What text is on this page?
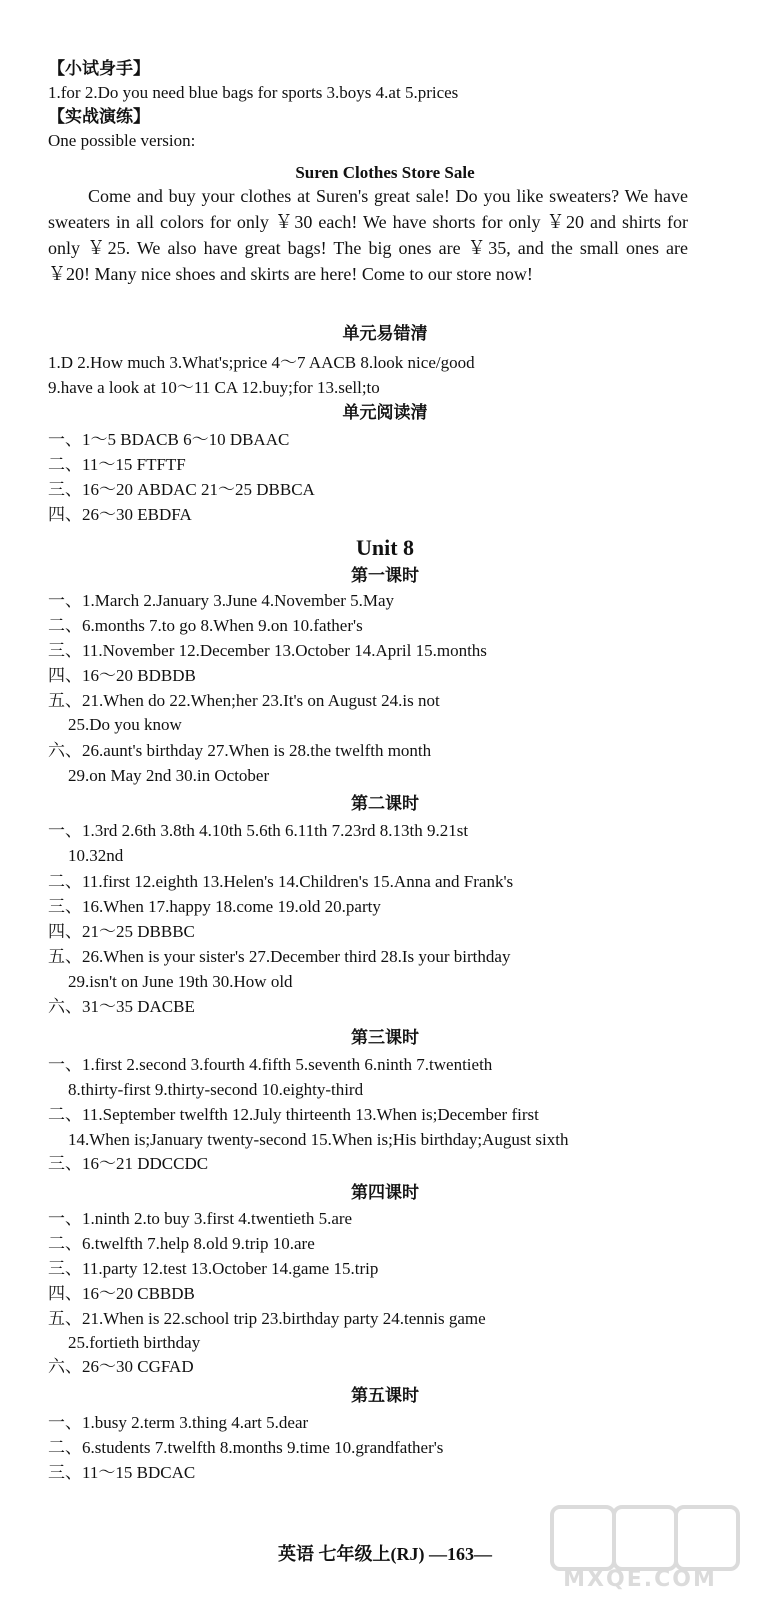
【小试身手】
1.for 2.Do you need blue bags for sports 3.boys 4.at 5.prices
【实战演练】
One possible version:
Suren Clothes Store Sale
Come and buy your clothes at Suren's great sale! Do you like sweaters? We have sweaters in all colors for only ￥30 each! We have shorts for only ￥20 and shirts for only ￥25. We also have great bags! The big ones are ￥35, and the small ones are ￥20! Many nice shoes and skirts are here! Come to our store now!
单元易错清
1.D 2.How much 3.What's;price 4～7 AACB 8.look nice/good
9.have a look at 10～11 CA 12.buy;for 13.sell;to
单元阅读清
一、1～5 BDACB 6～10 DBAAC
二、11～15 FTFTF
三、16～20 ABDAC 21～25 DBBCA
四、26～30 EBDFA
Unit 8
第一课时
一、1.March 2.January 3.June 4.November 5.May
二、6.months 7.to go 8.When 9.on 10.father's
三、11.November 12.December 13.October 14.April 15.months
四、16～20 BDBDB
五、21.When do 22.When;her 23.It's on August 24.is not
25.Do you know
六、26.aunt's birthday 27.When is 28.the twelfth month
29.on May 2nd 30.in October
第二课时
一、1.3rd 2.6th 3.8th 4.10th 5.6th 6.11th 7.23rd 8.13th 9.21st
10.32nd
二、11.first 12.eighth 13.Helen's 14.Children's 15.Anna and Frank's
三、16.When 17.happy 18.come 19.old 20.party
四、21～25 DBBBC
五、26.When is your sister's 27.December third 28.Is your birthday
29.isn't on June 19th 30.How old
六、31～35 DACBE
第三课时
一、1.first 2.second 3.fourth 4.fifth 5.seventh 6.ninth 7.twentieth
8.thirty-first 9.thirty-second 10.eighty-third
二、11.September twelfth 12.July thirteenth 13.When is;December first
14.When is;January twenty-second 15.When is;His birthday;August sixth
三、16～21 DDCCDC
第四课时
一、1.ninth 2.to buy 3.first 4.twentieth 5.are
二、6.twelfth 7.help 8.old 9.trip 10.are
三、11.party 12.test 13.October 14.game 15.trip
四、16～20 CBBDB
五、21.When is 22.school trip 23.birthday party 24.tennis game
25.fortieth birthday
六、26～30 CGFAD
第五课时
一、1.busy 2.term 3.thing 4.art 5.dear
二、6.students 7.twelfth 8.months 9.time 10.grandfather's
三、11～15 BDCAC
英语 七年级上(RJ) —163—
MXQE.COM
